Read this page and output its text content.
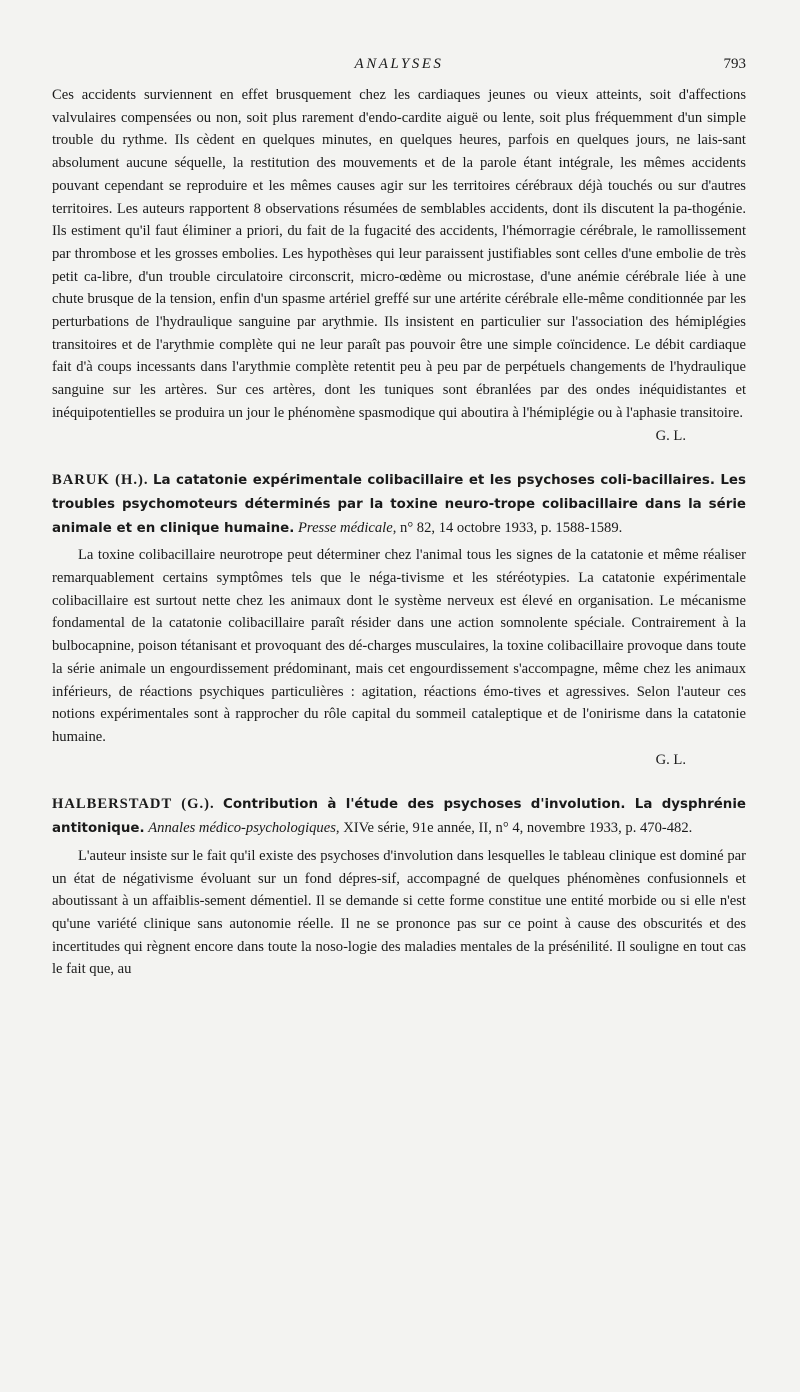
ANALYSES	793

Ces accidents surviennent en effet brusquement chez les cardiaques jeunes ou vieux atteints, soit d'affections valvulaires compensées ou non, soit plus rarement d'endo-cardite aiguë ou lente, soit plus fréquemment d'un simple trouble du rythme. Ils cèdent en quelques minutes, en quelques heures, parfois en quelques jours, ne lais-sant absolument aucune séquelle, la restitution des mouvements et de la parole étant intégrale, les mêmes accidents pouvant cependant se reproduire et les mêmes causes agir sur les territoires cérébraux déjà touchés ou sur d'autres territoires. Les auteurs rapportent 8 observations résumées de semblables accidents, dont ils discutent la pa-thogénie. Ils estiment qu'il faut éliminer a priori, du fait de la fugacité des accidents, l'hémorragie cérébrale, le ramollissement par thrombose et les grosses embolies. Les hypothèses qui leur paraissent justifiables sont celles d'une embolie de très petit ca-libre, d'un trouble circulatoire circonscrit, micro-œdème ou microstase, d'une anémie cérébrale liée à une chute brusque de la tension, enfin d'un spasme artériel greffé sur une artérite cérébrale elle-même conditionnée par les perturbations de l'hydraulique sanguine par arythmie. Ils insistent en particulier sur l'association des hémiplégies transitoires et de l'arythmie complète qui ne leur paraît pas pouvoir être une simple coïncidence. Le débit cardiaque fait d'à coups incessants dans l'arythmie complète retentit peu à peu par de perpétuels changements de l'hydraulique sanguine sur les artères. Sur ces artères, dont les tuniques sont ébranlées par des ondes inéquidistantes et inéquipotentielles se produira un jour le phénomène spasmodique qui aboutira à l'hémiplégie ou à l'aphasie transitoire.

G. L.
BARUK (H.). La catatonie expérimentale colibacillaire et les psychoses coli-bacillaires. Les troubles psychomoteurs déterminés par la toxine neuro-trope colibacillaire dans la série animale et en clinique humaine. Presse médicale, n° 82, 14 octobre 1933, p. 1588-1589.

La toxine colibacillaire neurotrope peut déterminer chez l'animal tous les signes de la catatonie et même réaliser remarquablement certains symptômes tels que le néga-tivisme et les stéréotypies. La catatonie expérimentale colibacillaire est surtout nette chez les animaux dont le système nerveux est élevé en organisation. Le mécanisme fondamental de la catatonie colibacillaire paraît résider dans une action somnolente spéciale. Contrairement à la bulbocapnine, poison tétanisant et provoquant des dé-charges musculaires, la toxine colibacillaire provoque dans toute la série animale un engourdissement prédominant, mais cet engourdissement s'accompagne, même chez les animaux inférieurs, de réactions psychiques particulières : agitation, réactions émo-tives et agressives. Selon l'auteur ces notions expérimentales sont à rapprocher du rôle capital du sommeil cataleptique et de l'onirisme dans la catatonie humaine.

G. L.
HALBERSTADT (G.). Contribution à l'étude des psychoses d'involution. La dysphrénie antitonique. Annales médico-psychologiques, XIVe série, 91e année, II, n° 4, novembre 1933, p. 470-482.

L'auteur insiste sur le fait qu'il existe des psychoses d'involution dans lesquelles le tableau clinique est dominé par un état de négativisme évoluant sur un fond dépres-sif, accompagné de quelques phénomènes confusionnels et aboutissant à un affaiblis-sement démentiel. Il se demande si cette forme constitue une entité morbide ou si elle n'est qu'une variété clinique sans autonomie réelle. Il ne se prononce pas sur ce point à cause des obscurités et des incertitudes qui règnent encore dans toute la noso-logie des maladies mentales de la présénilité. Il souligne en tout cas le fait que, au
